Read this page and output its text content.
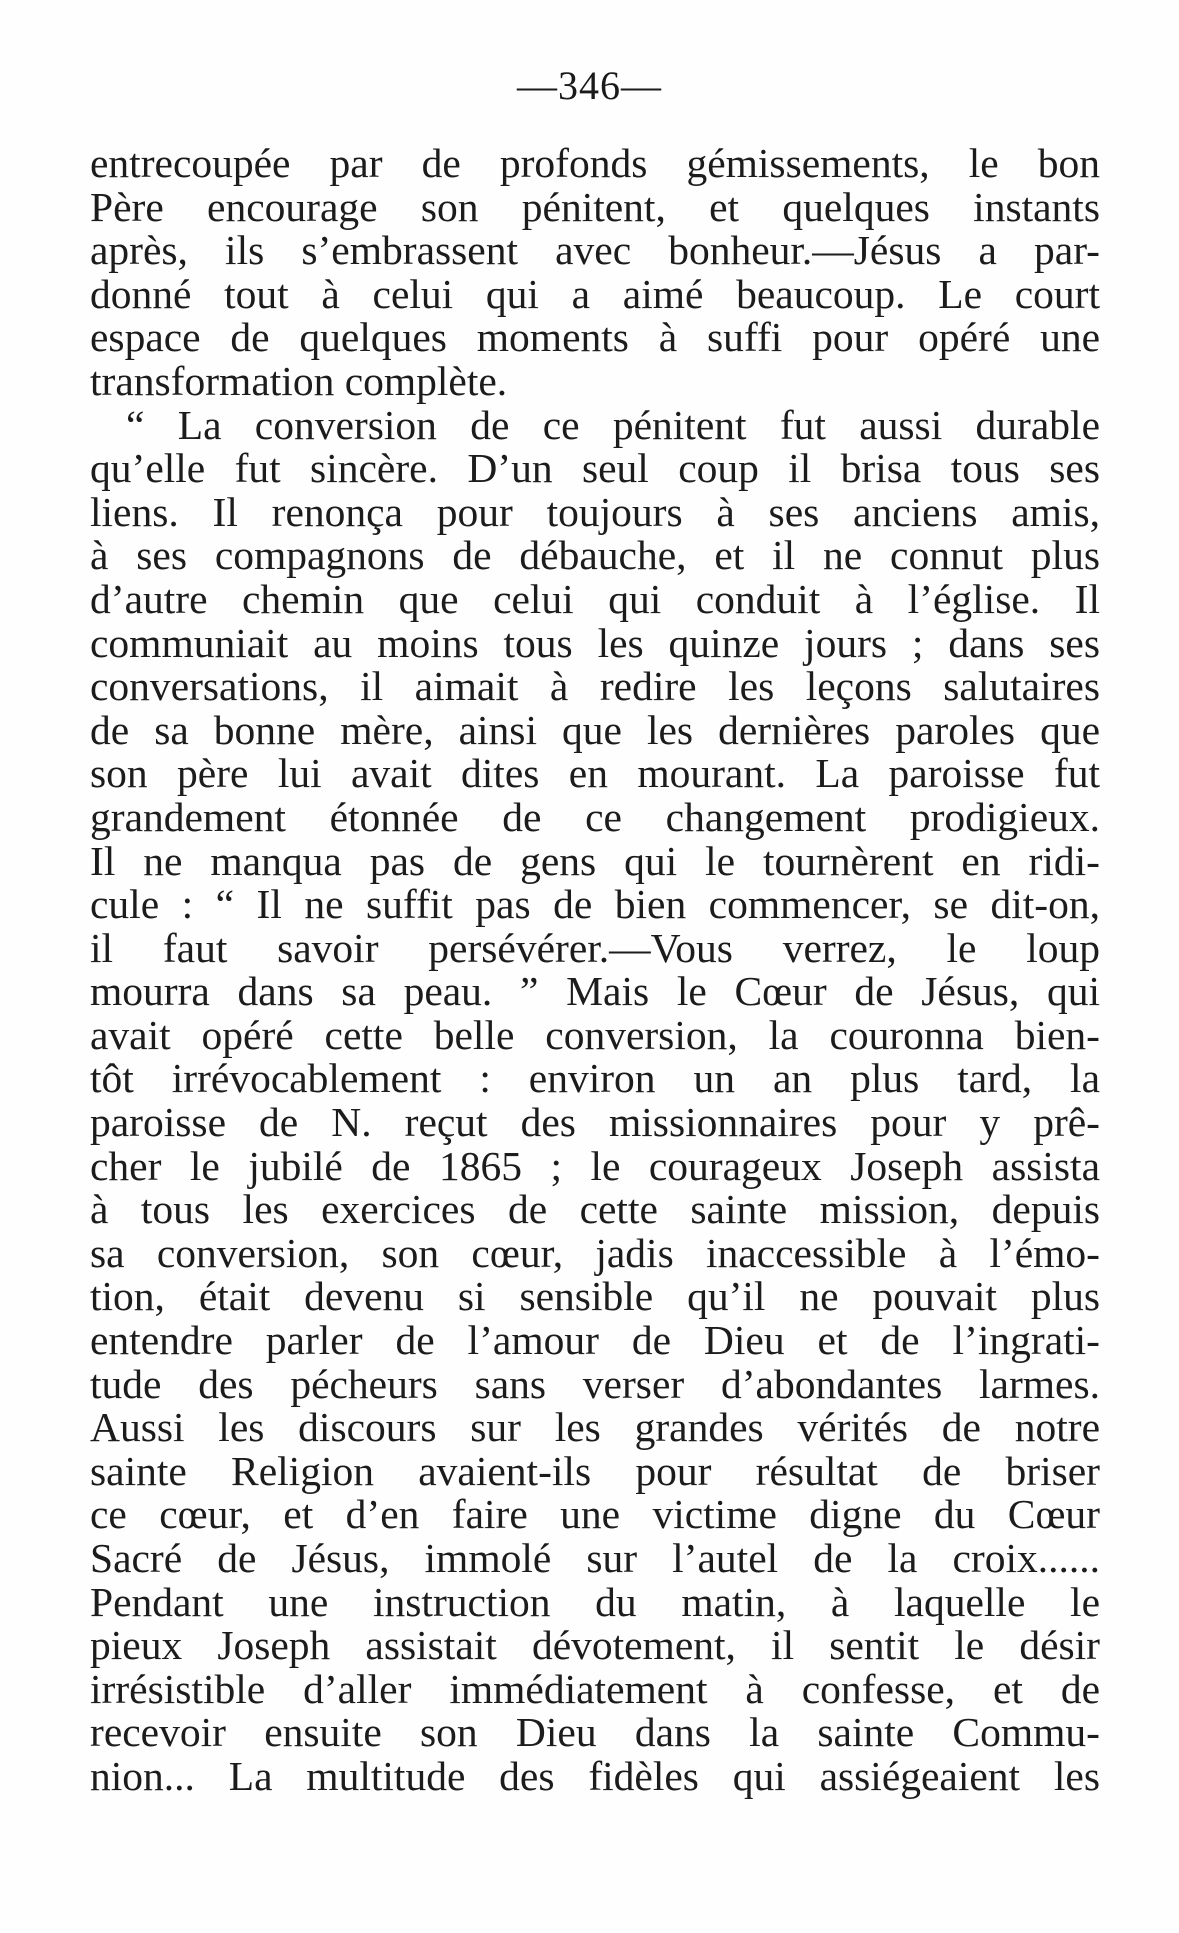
—346—
entrecoupée par de profonds gémissements, le bon
Père encourage son pénitent, et quelques instants
après, ils s’embrassent avec bonheur.—Jésus a par-
donné tout à celui qui a aimé beaucoup. Le court
espace de quelques moments à suffi pour opéré une
transformation complète.
“ La conversion de ce pénitent fut aussi durable
qu’elle fut sincère. D’un seul coup il brisa tous ses
liens. Il renonça pour toujours à ses anciens amis,
à ses compagnons de débauche, et il ne connut plus
d’autre chemin que celui qui conduit à l’église. Il
communiait au moins tous les quinze jours ; dans ses
conversations, il aimait à redire les leçons salutaires
de sa bonne mère, ainsi que les dernières paroles que
son père lui avait dites en mourant. La paroisse fut
grandement étonnée de ce changement prodigieux.
Il ne manqua pas de gens qui le tournèrent en ridi-
cule : “ Il ne suffit pas de bien commencer, se dit-on,
il faut savoir persévérer.—Vous verrez, le loup
mourra dans sa peau. ” Mais le Cœur de Jésus, qui
avait opéré cette belle conversion, la couronna bien-
tôt irrévocablement : environ un an plus tard, la
paroisse de N. reçut des missionnaires pour y prê-
cher le jubilé de 1865 ; le courageux Joseph assista
à tous les exercices de cette sainte mission, depuis
sa conversion, son cœur, jadis inaccessible à l’émo-
tion, était devenu si sensible qu’il ne pouvait plus
entendre parler de l’amour de Dieu et de l’ingrati-
tude des pécheurs sans verser d’abondantes larmes.
Aussi les discours sur les grandes vérités de notre
sainte Religion avaient-ils pour résultat de briser
ce cœur, et d’en faire une victime digne du Cœur
Sacré de Jésus, immolé sur l’autel de la croix......
Pendant une instruction du matin, à laquelle le
pieux Joseph assistait dévotement, il sentit le désir
irrésistible d’aller immédiatement à confesse, et de
recevoir ensuite son Dieu dans la sainte Commu-
nion... La multitude des fidèles qui assiégeaient les
